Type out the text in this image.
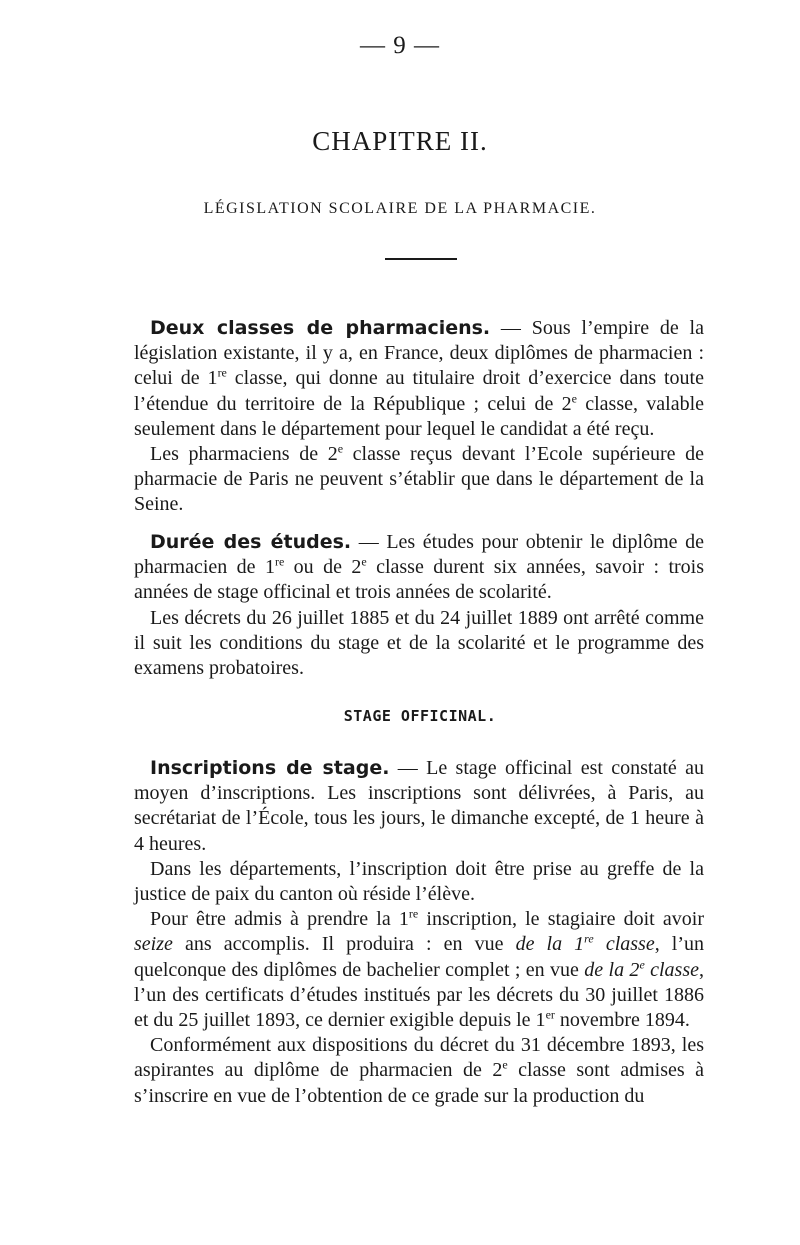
— 9 —
CHAPITRE II.
LÉGISLATION SCOLAIRE DE LA PHARMACIE.

Deux classes de pharmaciens. — Sous l’empire de la législation existante, il y a, en France, deux diplômes de pharmacien : celui de 1re classe, qui donne au titulaire droit d’exercice dans toute l’étendue du territoire de la République ; celui de 2e classe, valable seulement dans le département pour lequel le candidat a été reçu.

Les pharmaciens de 2e classe reçus devant l’Ecole supérieure de pharmacie de Paris ne peuvent s’établir que dans le département de la Seine.

Durée des études. — Les études pour obtenir le diplôme de pharmacien de 1re ou de 2e classe durent six années, savoir : trois années de stage officinal et trois années de scolarité.

Les décrets du 26 juillet 1885 et du 24 juillet 1889 ont arrêté comme il suit les conditions du stage et de la scolarité et le programme des examens probatoires.

STAGE OFFICINAL.

Inscriptions de stage. — Le stage officinal est constaté au moyen d’inscriptions. Les inscriptions sont délivrées, à Paris, au secrétariat de l’École, tous les jours, le dimanche excepté, de 1 heure à 4 heures.

Dans les départements, l’inscription doit être prise au greffe de la justice de paix du canton où réside l’élève.

Pour être admis à prendre la 1re inscription, le stagiaire doit avoir seize ans accomplis. Il produira : en vue de la 1re classe, l’un quelconque des diplômes de bachelier complet ; en vue de la 2e classe, l’un des certificats d’études institués par les décrets du 30 juillet 1886 et du 25 juillet 1893, ce dernier exigible depuis le 1er novembre 1894.

Conformément aux dispositions du décret du 31 décembre 1893, les aspirantes au diplôme de pharmacien de 2e classe sont admises à s’inscrire en vue de l’obtention de ce grade sur la production du
